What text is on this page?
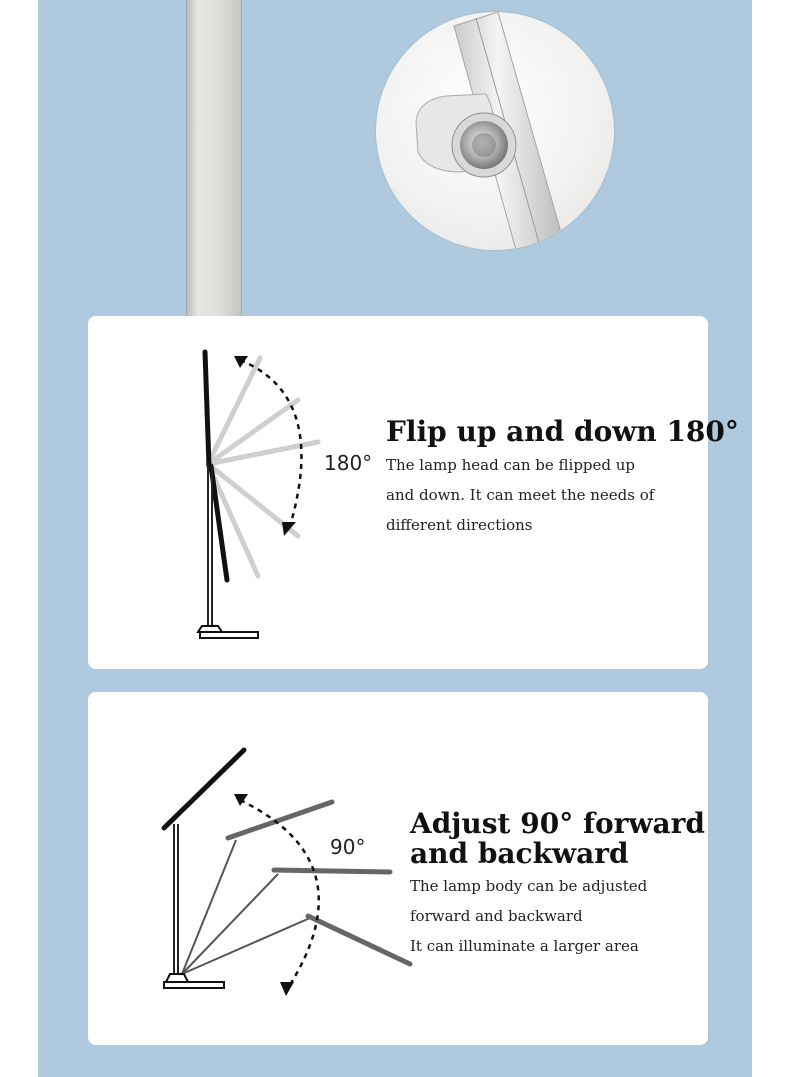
180°
Flip up and down 180°
The lamp head can be flipped up
and down. It can meet the needs of
different directions
90°
Adjust 90° forward
and backward
The lamp body can be adjusted
forward and backward
It can illuminate a larger area
